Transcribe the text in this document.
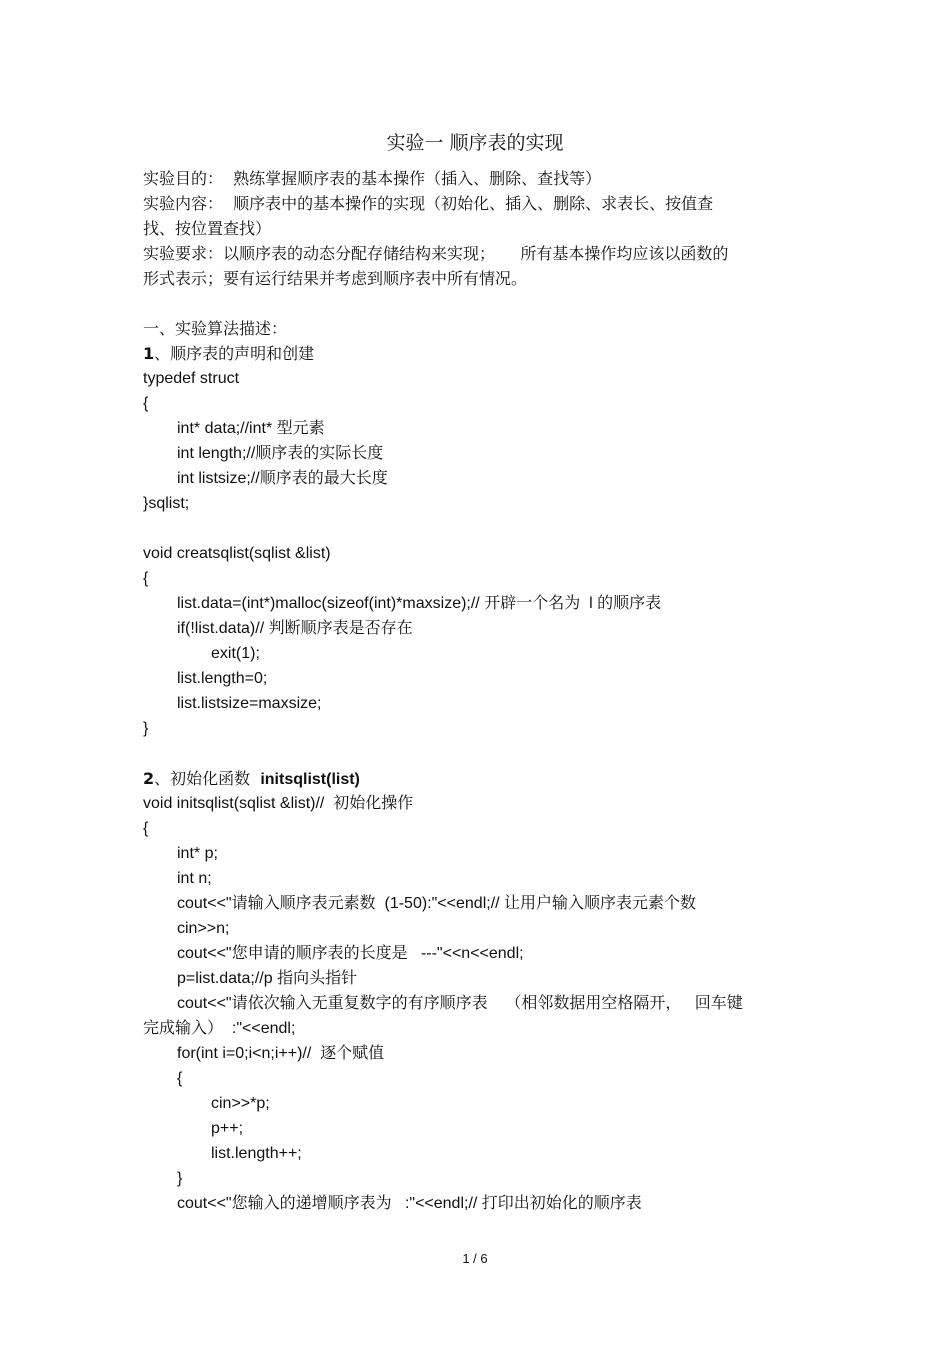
实验一 顺序表的实现
实验目的：  熟练掌握顺序表的基本操作（插入、删除、查找等）
实验内容：  顺序表中的基本操作的实现（初始化、插入、删除、求表长、按值查
找、按位置查找）
实验要求：以顺序表的动态分配存储结构来实现；     所有基本操作均应该以函数的
形式表示；要有运行结果并考虑到顺序表中所有情况。
一、实验算法描述：
1、顺序表的声明和创建
typedef struct
{
int* data;//int* 型元素
int length;//顺序表的实际长度
int listsize;//顺序表的最大长度
}sqlist;
void creatsqlist(sqlist &list)
{
list.data=(int*)malloc(sizeof(int)*maxsize);// 开辟一个名为  l 的顺序表
if(!list.data)// 判断顺序表是否存在
exit(1);
list.length=0;
list.listsize=maxsize;
}
2、初始化函数  initsqlist(list)
void initsqlist(sqlist &list)//  初始化操作
{
int* p;
int n;
cout<<"请输入顺序表元素数  (1-50):"<<endl;// 让用户输入顺序表元素个数
cin>>n;
cout<<"您申请的顺序表的长度是   ---"<<n<<endl;
p=list.data;//p 指向头指针
cout<<"请依次输入无重复数字的有序顺序表    （相邻数据用空格隔开，   回车键
完成输入）  :"<<endl;
for(int i=0;i<n;i++)//  逐个赋值
{
cin>>*p;
p++;
list.length++;
}
cout<<"您输入的递增顺序表为   :"<<endl;// 打印出初始化的顺序表
1 / 6
